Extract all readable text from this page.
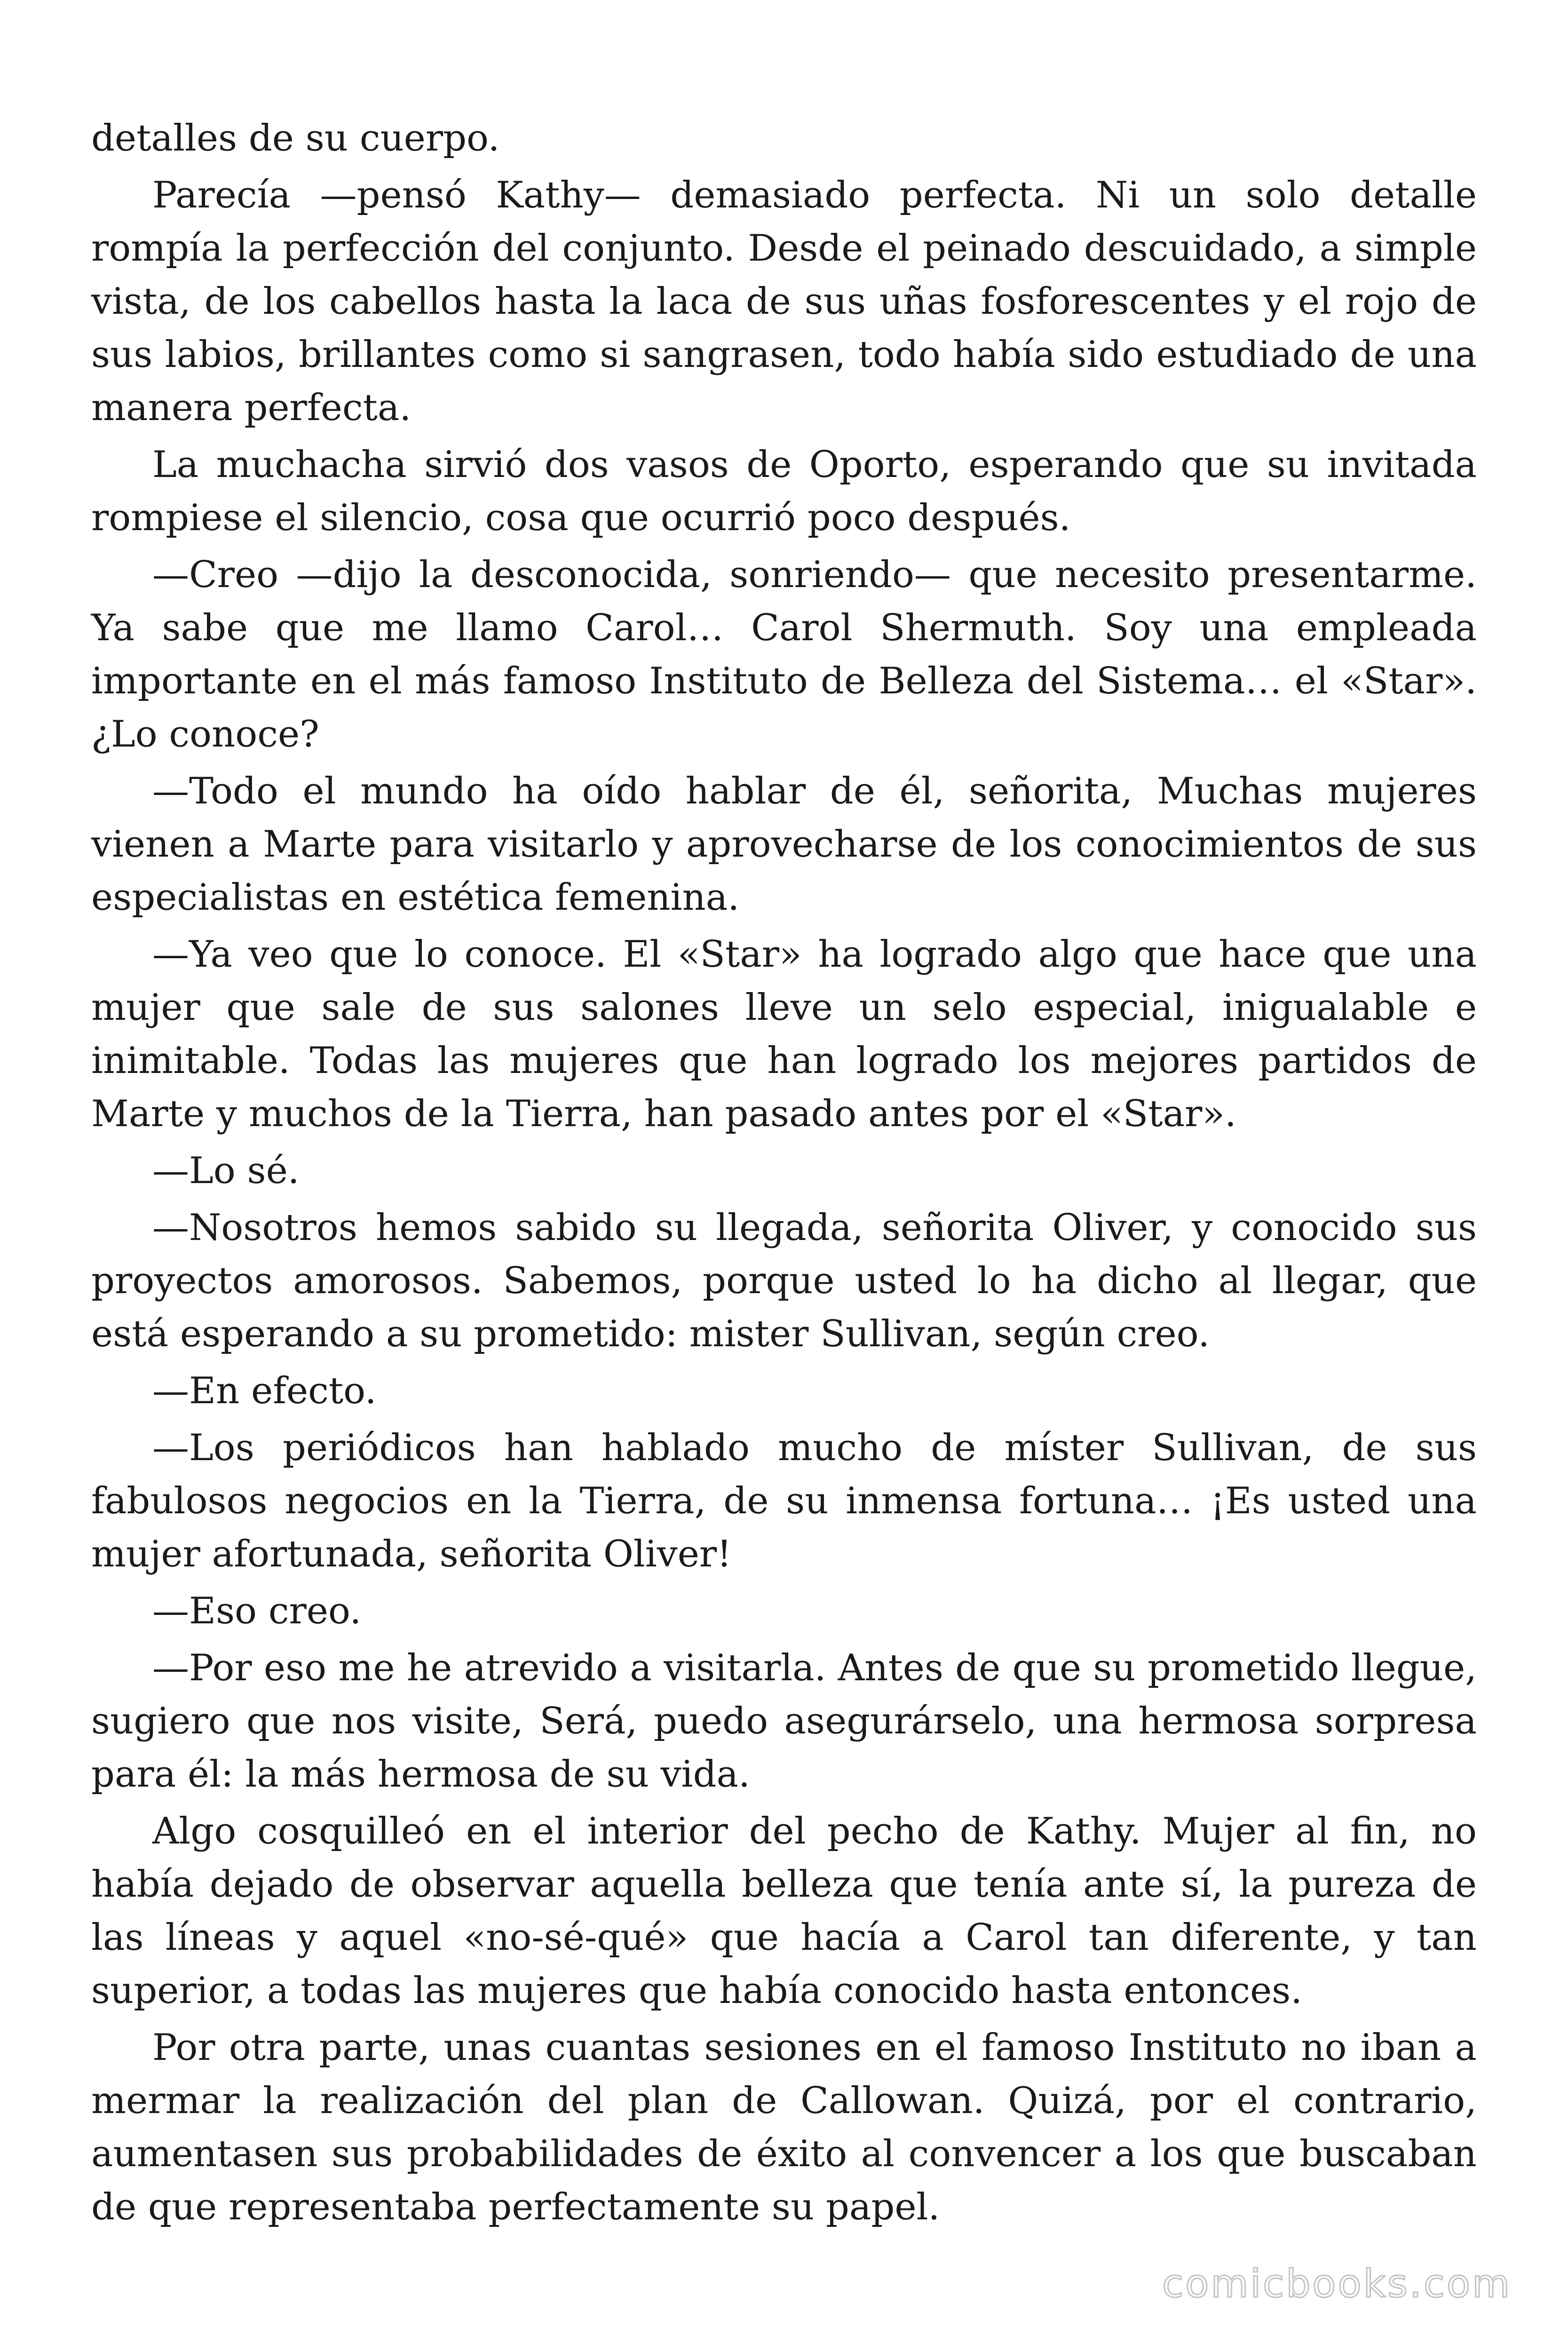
detalles de su cuerpo.

Parecía —pensó Kathy— demasiado perfecta. Ni un solo detalle rompía la perfección del conjunto. Desde el peinado descuidado, a simple vista, de los cabellos hasta la laca de sus uñas fosforescentes y el rojo de sus labios, brillantes como si sangrasen, todo había sido estudiado de una manera perfecta.

La muchacha sirvió dos vasos de Oporto, esperando que su invitada rompiese el silencio, cosa que ocurrió poco después.

—Creo —dijo la desconocida, sonriendo— que necesito presentarme. Ya sabe que me llamo Carol… Carol Shermuth. Soy una empleada importante en el más famoso Instituto de Belleza del Sistema… el «Star». ¿Lo conoce?

—Todo el mundo ha oído hablar de él, señorita, Muchas mujeres vienen a Marte para visitarlo y aprovecharse de los conocimientos de sus especialistas en estética femenina.

—Ya veo que lo conoce. El «Star» ha logrado algo que hace que una mujer que sale de sus salones lleve un selo especial, inigualable e inimitable. Todas las mujeres que han logrado los mejores partidos de Marte y muchos de la Tierra, han pasado antes por el «Star».

—Lo sé.

—Nosotros hemos sabido su llegada, señorita Oliver, y conocido sus proyectos amorosos. Sabemos, porque usted lo ha dicho al llegar, que está esperando a su prometido: mister Sullivan, según creo.

—En efecto.

—Los periódicos han hablado mucho de míster Sullivan, de sus fabulosos negocios en la Tierra, de su inmensa fortuna… ¡Es usted una mujer afortunada, señorita Oliver!

—Eso creo.

—Por eso me he atrevido a visitarla. Antes de que su prometido llegue, sugiero que nos visite, Será, puedo asegurárselo, una hermosa sorpresa para él: la más hermosa de su vida.

Algo cosquilleó en el interior del pecho de Kathy. Mujer al fin, no había dejado de observar aquella belleza que tenía ante sí, la pureza de las líneas y aquel «no-sé-qué» que hacía a Carol tan diferente, y tan superior, a todas las mujeres que había conocido hasta entonces.

Por otra parte, unas cuantas sesiones en el famoso Instituto no iban a mermar la realización del plan de Callowan. Quizá, por el contrario, aumentasen sus probabilidades de éxito al convencer a los que buscaban de que representaba perfectamente su papel.

comicbooks.com
